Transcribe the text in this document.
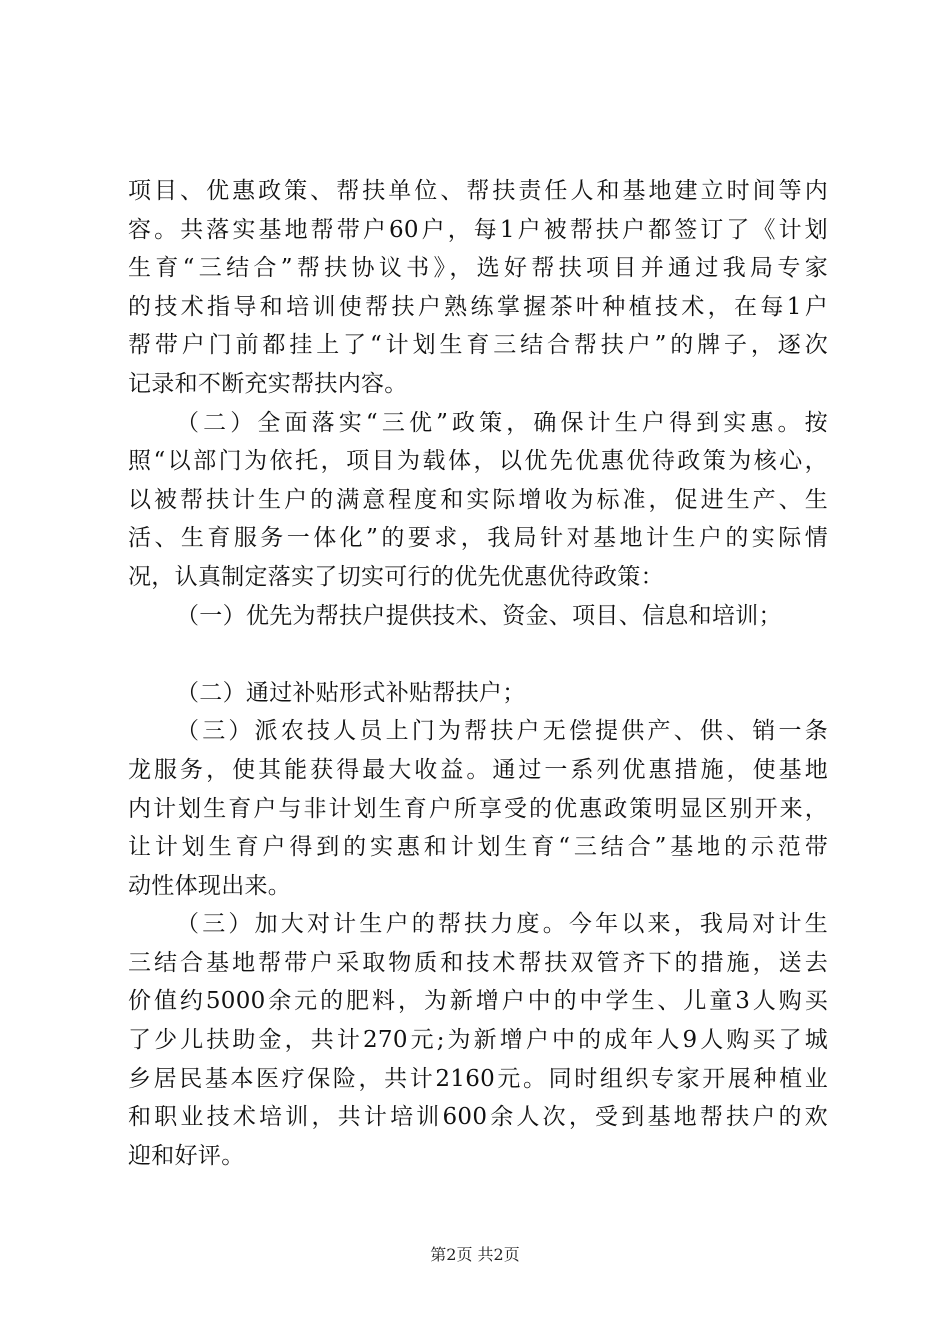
项目、优惠政策、帮扶单位、帮扶责任人和基地建立时间等内
容。共落实基地帮带户60户，每1户被帮扶户都签订了《计划
生育“三结合”帮扶协议书》，选好帮扶项目并通过我局专家
的技术指导和培训使帮扶户熟练掌握茶叶种植技术，在每1户
帮带户门前都挂上了“计划生育三结合帮扶户”的牌子，逐次
记录和不断充实帮扶内容。
（二）全面落实“三优”政策，确保计生户得到实惠。按
照“以部门为依托，项目为载体，以优先优惠优待政策为核心，
以被帮扶计生户的满意程度和实际增收为标准，促进生产、生
活、生育服务一体化”的要求，我局针对基地计生户的实际情
况，认真制定落实了切实可行的优先优惠优待政策：
（一）优先为帮扶户提供技术、资金、项目、信息和培训；
（二）通过补贴形式补贴帮扶户；
（三）派农技人员上门为帮扶户无偿提供产、供、销一条
龙服务，使其能获得最大收益。通过一系列优惠措施，使基地
内计划生育户与非计划生育户所享受的优惠政策明显区别开来，
让计划生育户得到的实惠和计划生育“三结合”基地的示范带
动性体现出来。
（三）加大对计生户的帮扶力度。今年以来，我局对计生
三结合基地帮带户采取物质和技术帮扶双管齐下的措施，送去
价值约5000余元的肥料，为新增户中的中学生、儿童3人购买
了少儿扶助金，共计270元;为新增户中的成年人9人购买了城
乡居民基本医疗保险，共计2160元。同时组织专家开展种植业
和职业技术培训，共计培训600余人次，受到基地帮扶户的欢
迎和好评。
第2页 共2页
